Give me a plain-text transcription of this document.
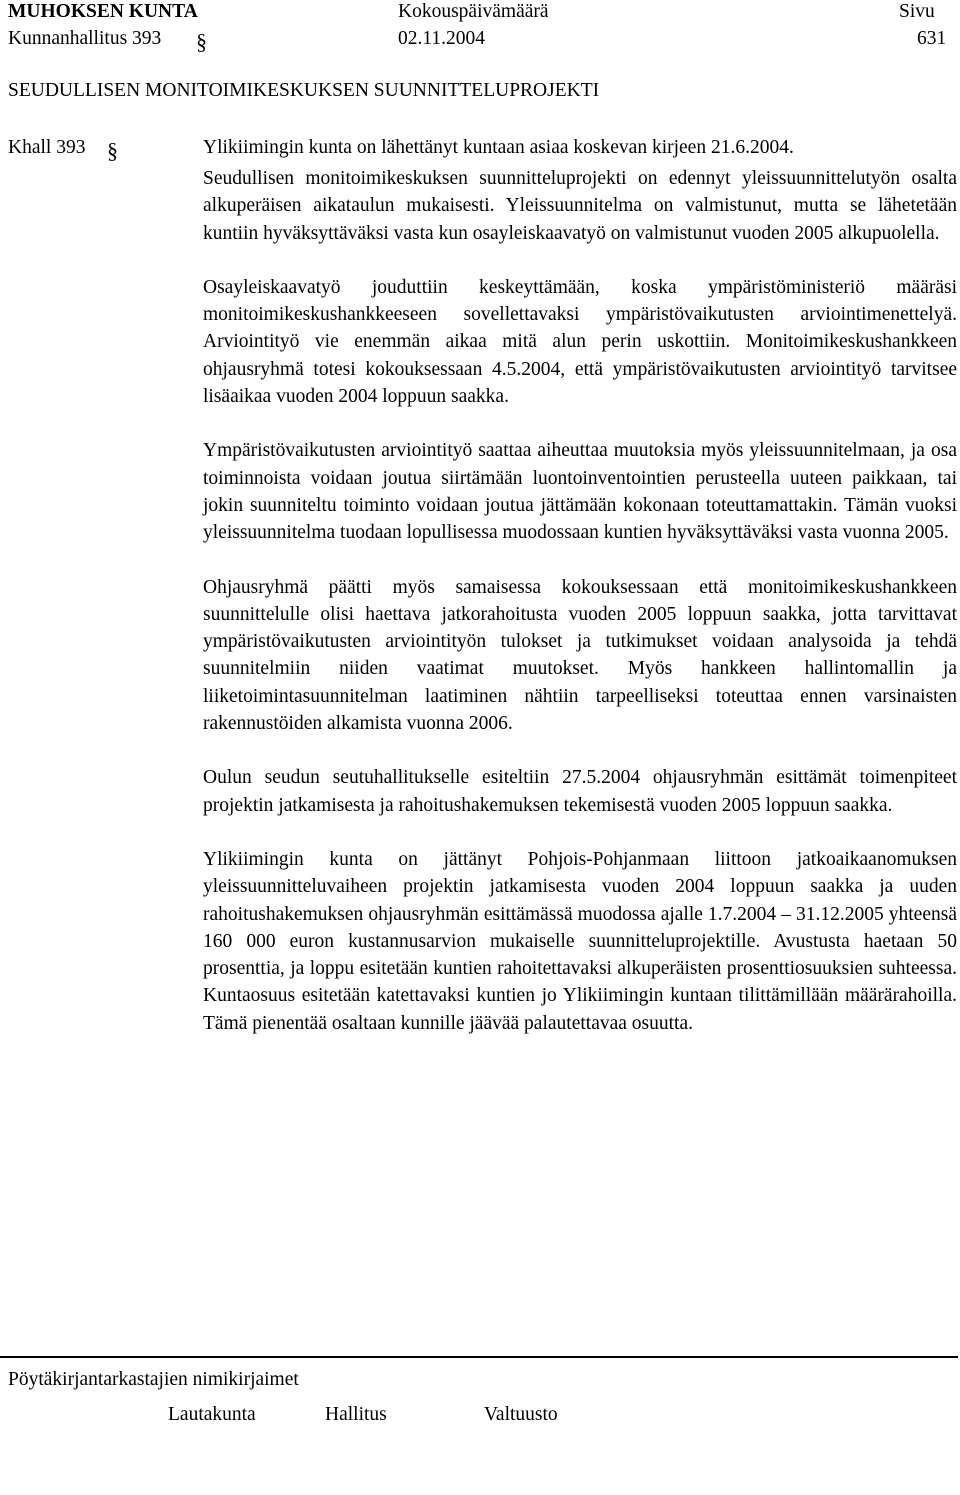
MUHOKSEN KUNTA	Kokouspäivämäärä	Sivu
Kunnanhallitus 393 §	02.11.2004	631
SEUDULLISEN MONITOIMIKESKUKSEN SUUNNITTELUPROJEKTI
Khall 393 §	Ylikiimingin kunta on lähettänyt kuntaan asiaa koskevan kirjeen 21.6.2004.

Seudullisen monitoimikeskuksen suunnitteluprojekti on edennyt yleissuunnittelutyön osalta alkuperäisen aikataulun mukaisesti. Yleissuunnitelma on valmistunut, mutta se lähetetään kuntiin hyväksyttäväksi vasta kun osayleiskaavatyö on valmistunut vuoden 2005 alkupuolella.

Osayleiskaavatyö jouduttiin keskeyttämään, koska ympäristöministeriö määräsi monitoimikeskushankkeeseen sovellettavaksi ympäristövaikutusten arviointimenettelyä. Arviointityö vie enemmän aikaa mitä alun perin uskottiin. Monitoimikeskushankkeen ohjausryhmä totesi kokouksessaan 4.5.2004, että ympäristövaikutusten arviointityö tarvitsee lisäaikaa vuoden 2004 loppuun saakka.

Ympäristövaikutusten arviointityö saattaa aiheuttaa muutoksia myös yleissuunnitelmaan, ja osa toiminnoista voidaan joutua siirtämään luontoinventointien perusteella uuteen paikkaan, tai jokin suunniteltu toiminto voidaan joutua jättämään kokonaan toteuttamattakin. Tämän vuoksi yleissuunnitelma tuodaan lopullisessa muodossaan kuntien hyväksyttäväksi vasta vuonna 2005.

Ohjausryhmä päätti myös samaisessa kokouksessaan että monitoimikeskushankkeen suunnittelulle olisi haettava jatkorahoitusta vuoden 2005 loppuun saakka, jotta tarvittavat ympäristövaikutusten arviointityön tulokset ja tutkimukset voidaan analysoida ja tehdä suunnitelmiin niiden vaatimat muutokset. Myös hankkeen hallintomallin ja liiketoimintasuunnitelman laatiminen nähtiin tarpeelliseksi toteuttaa ennen varsinaisten rakennustöiden alkamista vuonna 2006.

Oulun seudun seutuhallitukselle esiteltiin 27.5.2004 ohjausryhmän esittämät toimenpiteet projektin jatkamisesta ja rahoitushakemuksen tekemisestä vuoden 2005 loppuun saakka.

Ylikiimingin kunta on jättänyt Pohjois-Pohjanmaan liittoon jatkoaikaanomuksen yleissuunnitteluvaiheen projektin jatkamisesta vuoden 2004 loppuun saakka ja uuden rahoitushakemuksen ohjausryhmän esittämässä muodossa ajalle 1.7.2004 – 31.12.2005 yhteensä 160 000 euron kustannusarvion mukaiselle suunnitteluprojektille. Avustusta haetaan 50 prosenttia, ja loppu esitetään kuntien rahoitettavaksi alkuperäisten prosenttiosuuksien suhteessa. Kuntaosuus esitetään katettavaksi kuntien jo Ylikiimingin kuntaan tilittämillään määrärahoilla. Tämä pienentää osaltaan kunnille jäävää palautettavaa osuutta.

Pöytäkirjantarkastajien nimikirjaimet
Lautakunta	Hallitus	Valtuusto
